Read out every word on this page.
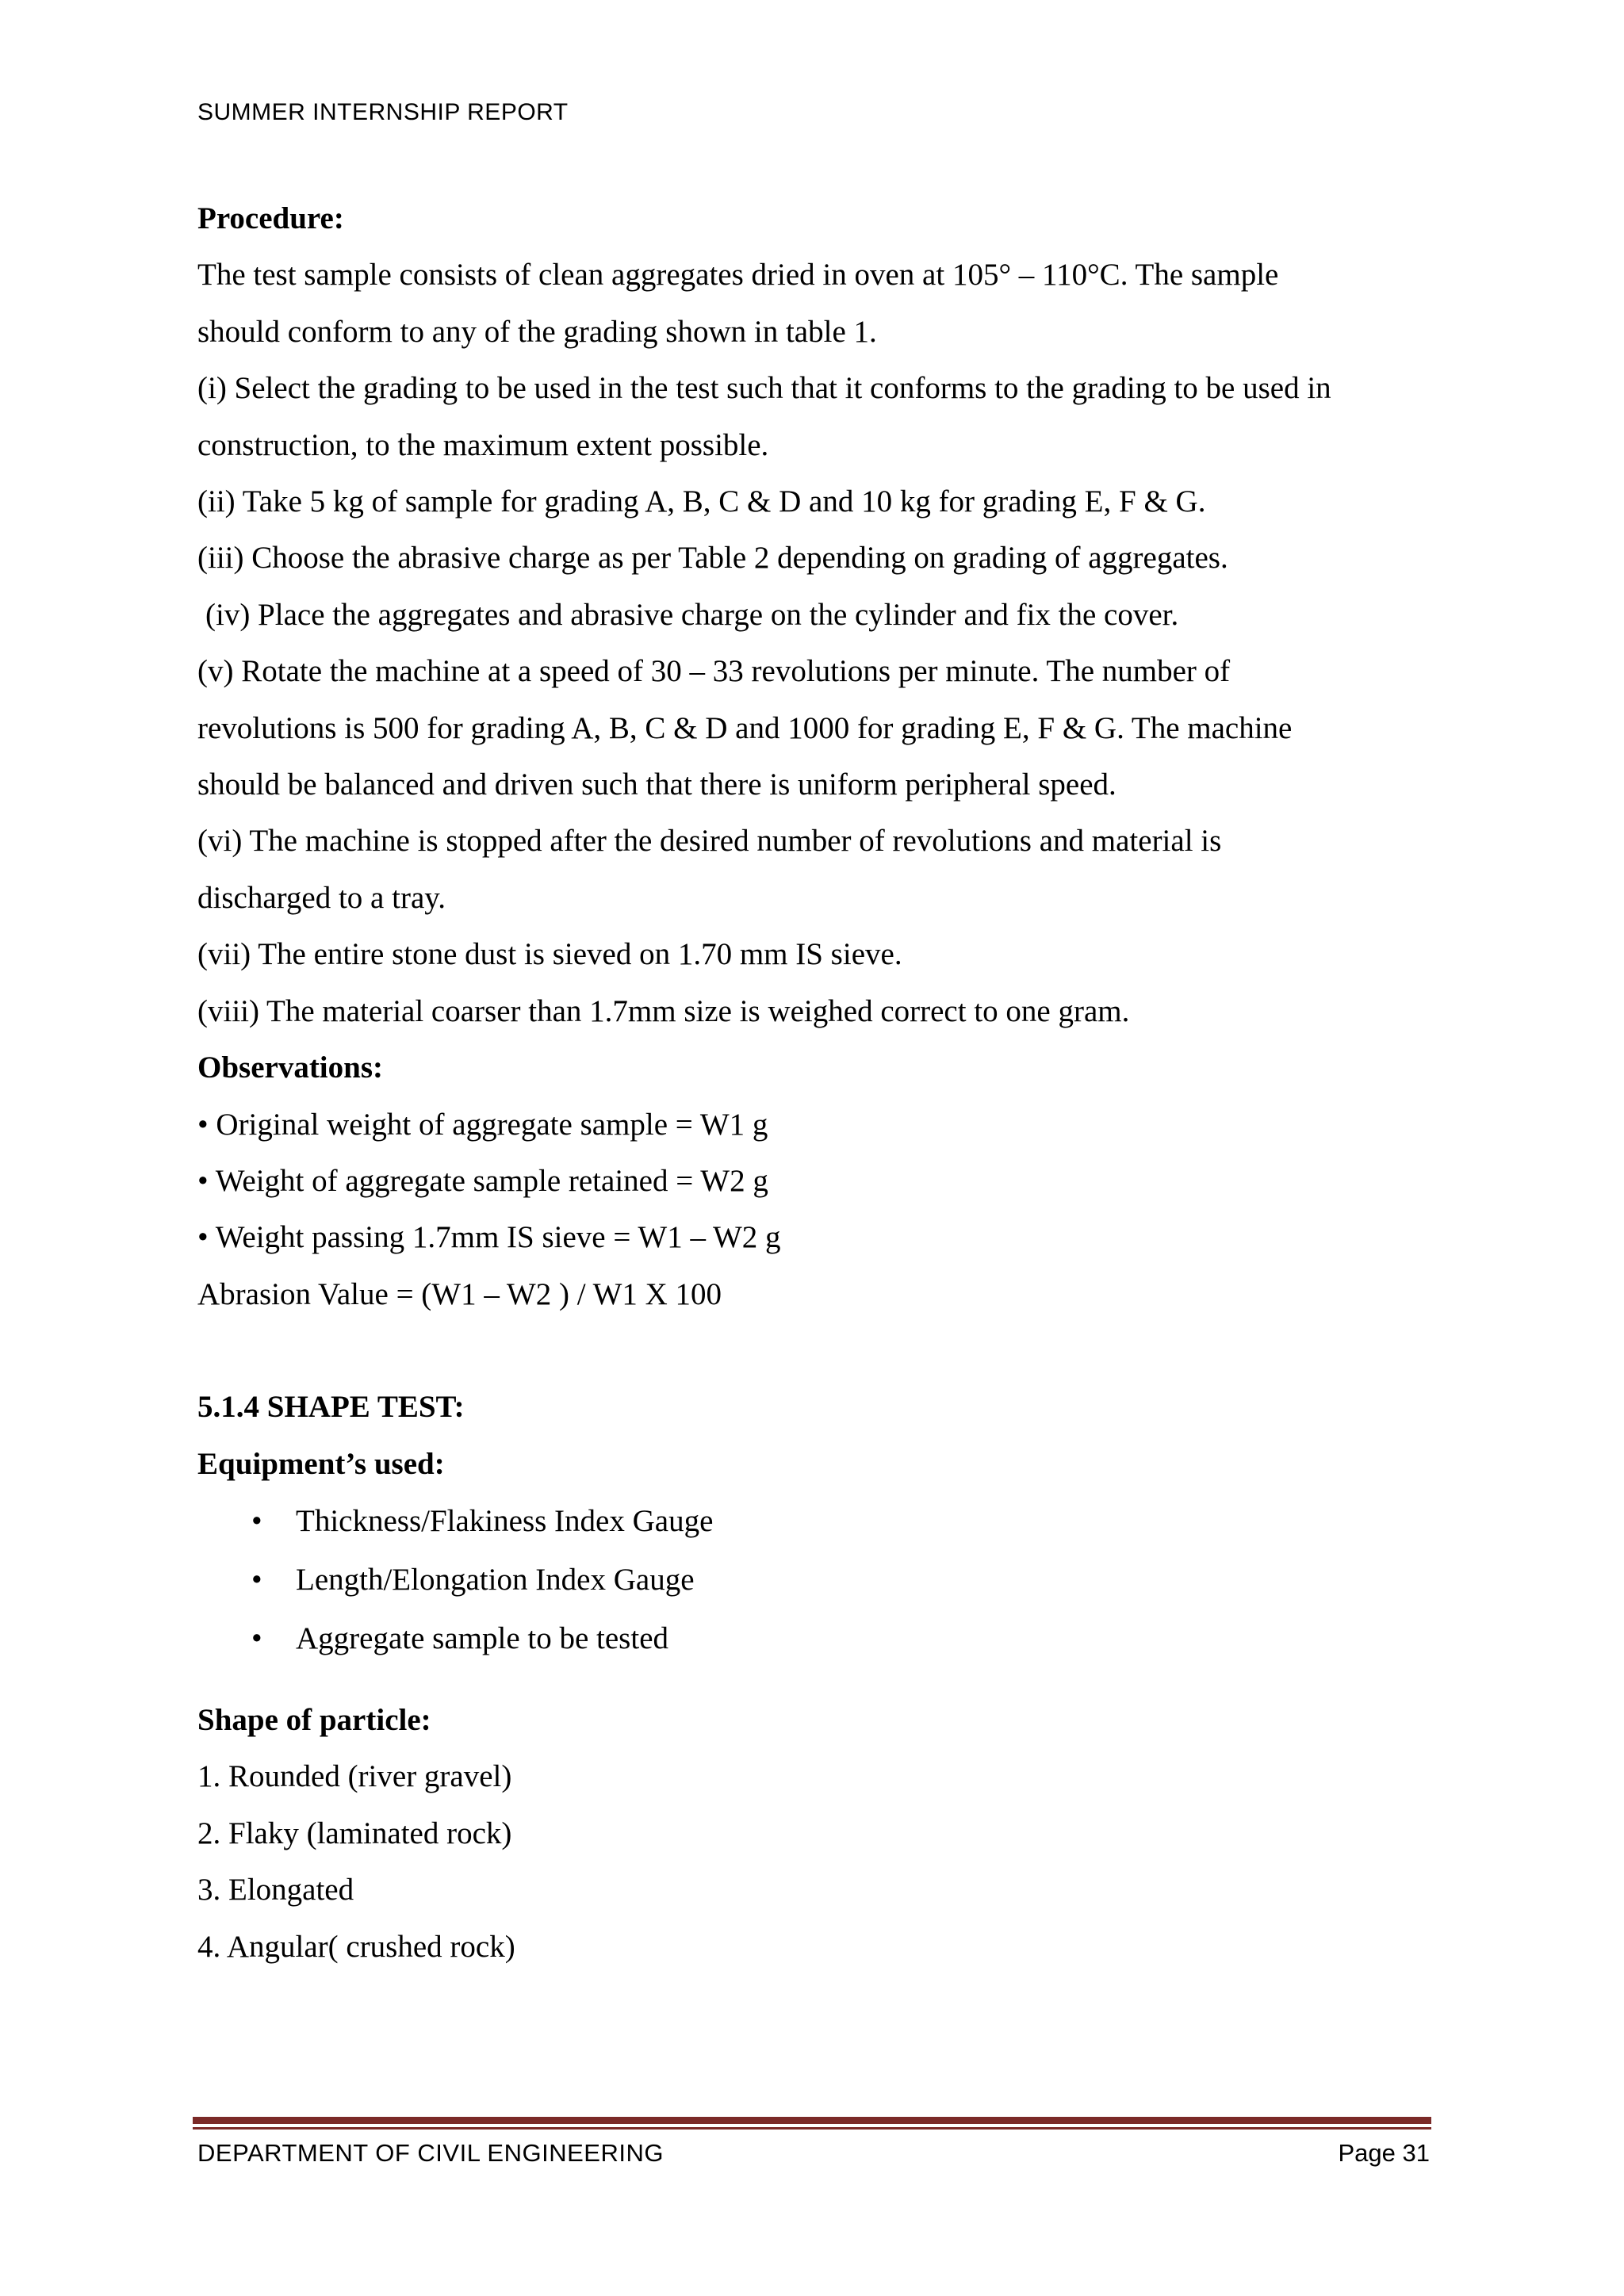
SUMMER INTERNSHIP REPORT
Procedure:
The test sample consists of clean aggregates dried in oven at 105° – 110°C. The sample
should conform to any of the grading shown in table 1.
(i) Select the grading to be used in the test such that it conforms to the grading to be used in
construction, to the maximum extent possible.
(ii) Take 5 kg of sample for grading A, B, C & D and 10 kg for grading E, F & G.
(iii) Choose the abrasive charge as per Table 2 depending on grading of aggregates.
(iv) Place the aggregates and abrasive charge on the cylinder and fix the cover.
(v) Rotate the machine at a speed of 30 – 33 revolutions per minute. The number of
revolutions is 500 for grading A, B, C & D and 1000 for grading E, F & G. The machine
should be balanced and driven such that there is uniform peripheral speed.
(vi) The machine is stopped after the desired number of revolutions and material is
discharged to a tray.
(vii) The entire stone dust is sieved on 1.70 mm IS sieve.
(viii) The material coarser than 1.7mm size is weighed correct to one gram.
Observations:
• Original weight of aggregate sample = W1 g
• Weight of aggregate sample retained = W2 g
• Weight passing 1.7mm IS sieve = W1 – W2 g
Abrasion Value = (W1 – W2 ) / W1 X 100
5.1.4 SHAPE TEST:
Equipment’s used:
• Thickness/Flakiness Index Gauge
• Length/Elongation Index Gauge
• Aggregate sample to be tested
Shape of particle:
1. Rounded (river gravel)
2. Flaky (laminated rock)
3. Elongated
4. Angular( crushed rock)
DEPARTMENT OF CIVIL ENGINEERING	Page 31
